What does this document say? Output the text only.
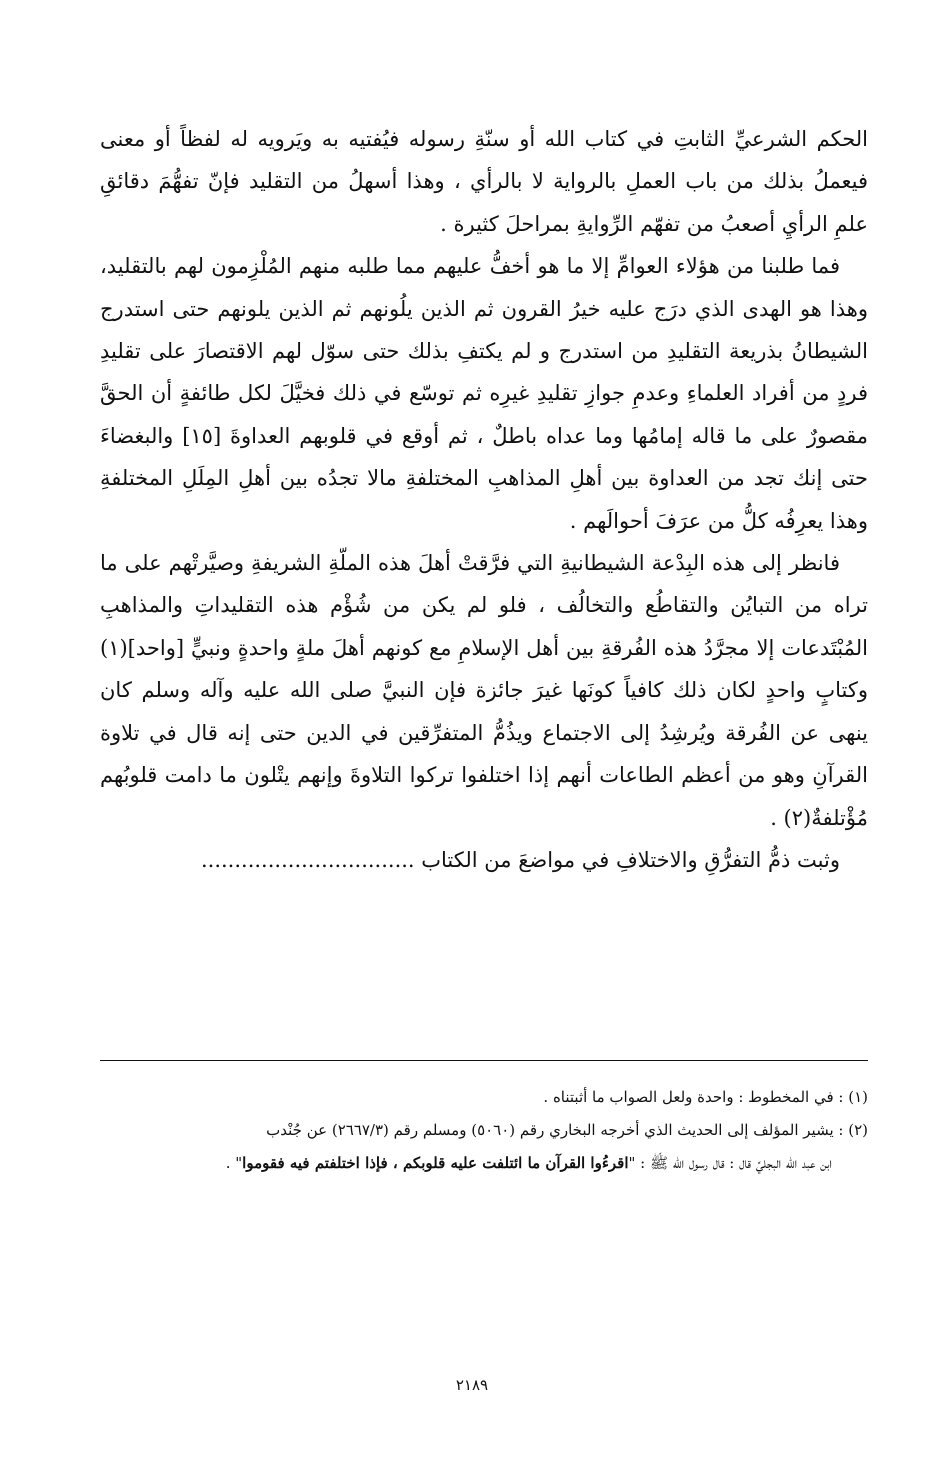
الحكم الشرعيِّ الثابتِ في كتاب الله أو سنّةِ رسوله فيُفتيه به ويَرويه له لفظاً أو معنى فيعملُ بذلك من باب العملِ بالرواية لا بالرأي ، وهذا أسهلُ من التقليد فإنّ تفهُّمَ دقائقِ علمِ الرأيِ أصعبُ من تفهّم الرِّوايةِ بمراحلَ كثيرة .

فما طلبنا من هؤلاء العوامِّ إلا ما هو أخفُّ عليهم مما طلبه منهم المُلْزِمون لهم بالتقليد، وهذا هو الهدى الذي درَج عليه خيرُ القرون ثم الذين يلُونهم ثم الذين يلونهم حتى استدرج الشيطانُ بذريعة التقليدِ من استدرج و لم يكتفِ بذلك حتى سوّل لهم الاقتصارَ على تقليدِ فردٍ من أفراد العلماءِ وعدمِ جوازِ تقليدِ غيرِه ثم توسّع في ذلك فخيَّلَ لكل طائفةٍ أن الحقَّ مقصورٌ على ما قاله إمامُها وما عداه باطلٌ ، ثم أوقع في قلوبهم العداوةَ [١٥] والبغضاءَ حتى إنك تجد من العداوة بين أهلِ المذاهبِ المختلفةِ مالا تجدُه بين أهلِ المِلَلِ المختلفةِ وهذا يعرِفُه كلُّ من عرَفَ أحوالَهم .

فانظر إلى هذه البِدْعة الشيطانيةِ التي فرَّقتْ أهلَ هذه الملّةِ الشريفةِ وصيَّرتْهم على ما تراه من التبايُن والتقاطُع والتخالُف ، فلو لم يكن من شُؤْم هذه التقليداتِ والمذاهبِ المُبْتَدعات إلا مجرَّدُ هذه الفُرقةِ بين أهل الإسلامِ مع كونهم أهلَ ملةٍ واحدةٍ ونبيٍّ [واحد](١) وكتابٍ واحدٍ لكان ذلك كافياً كونَها غيرَ جائزة فإن النبيَّ صلى الله عليه وآله وسلم كان ينهى عن الفُرقة ويُرشِدُ إلى الاجتماع ويذُمُّ المتفرِّقين في الدين حتى إنه قال في تلاوة القرآنِ وهو من أعظم الطاعات أنهم إذا اختلفوا تركوا التلاوةَ وإنهم يتْلون ما دامت قلوبُهم مُؤْتلفةٌ(٢) .

وثبت ذمُّ التفرُّقِ والاختلافِ في مواضعَ من الكتاب ................................

(١) : في المخطوط : واحدة ولعل الصواب ما أثبتناه .

(٢) : يشير المؤلف إلى الحديث الذي أخرجه البخاري رقم (٥٠٦٠) ومسلم رقم (٢٦٦٧/٣) عن جُنْدب

ابن عبد الله البجليِّ قال : قال رسول الله ﷺ : "اقرءُوا القرآن ما ائتلفت عليه قلوبكم ، فإذا اختلفتم فيه فقوموا" .

٢١٨٩
